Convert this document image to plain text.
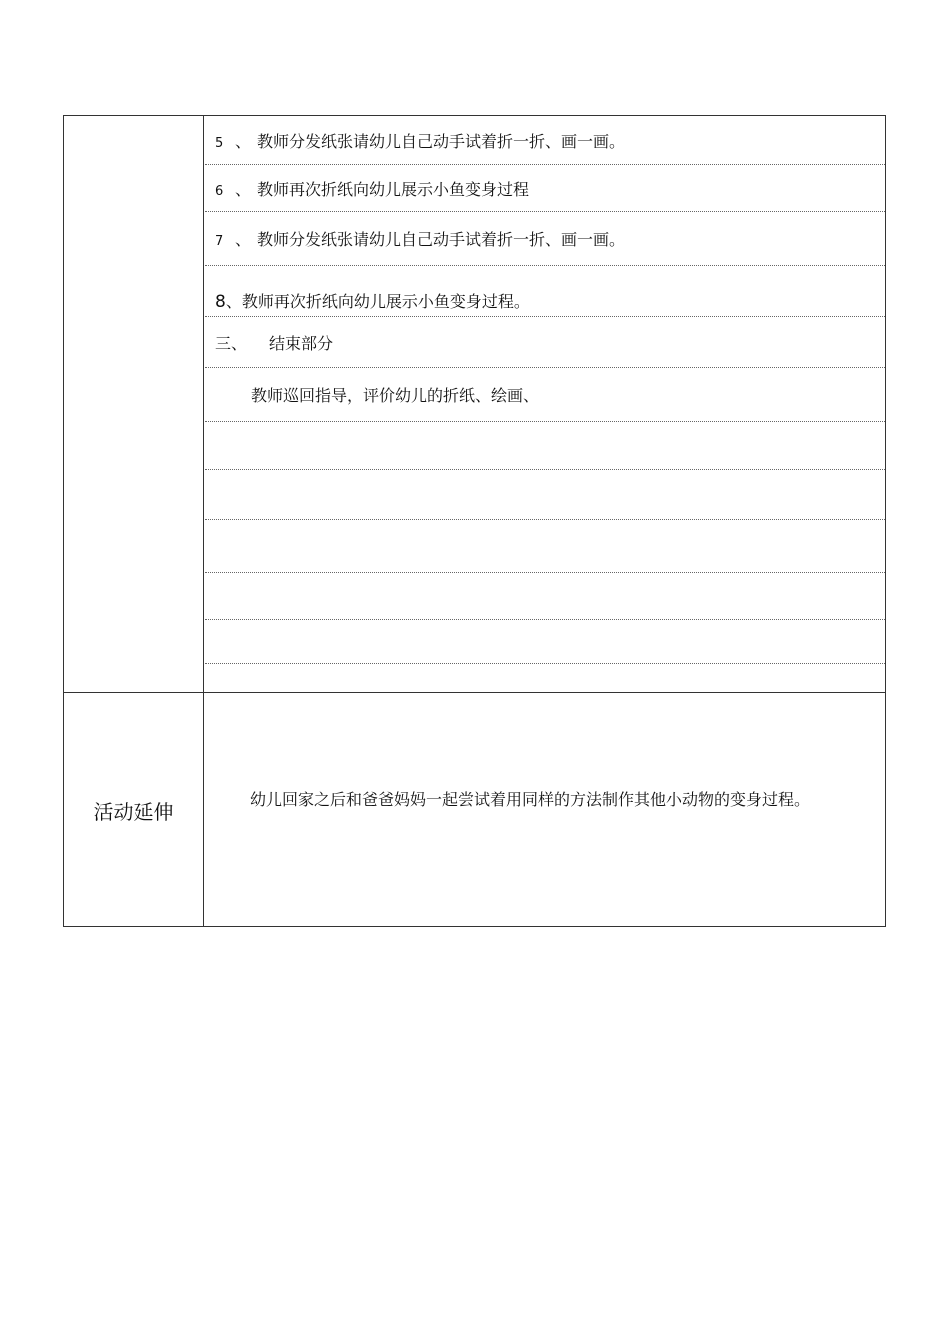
5 、 教师分发纸张请幼儿自己动手试着折一折、画一画。
6 、 教师再次折纸向幼儿展示小鱼变身过程
7 、 教师分发纸张请幼儿自己动手试着折一折、画一画。
8、教师再次折纸向幼儿展示小鱼变身过程。
三、 结束部分
教师巡回指导，评价幼儿的折纸、绘画、
活动延伸	幼儿回家之后和爸爸妈妈一起尝试着用同样的方法制作其他小动物的变身过程。
